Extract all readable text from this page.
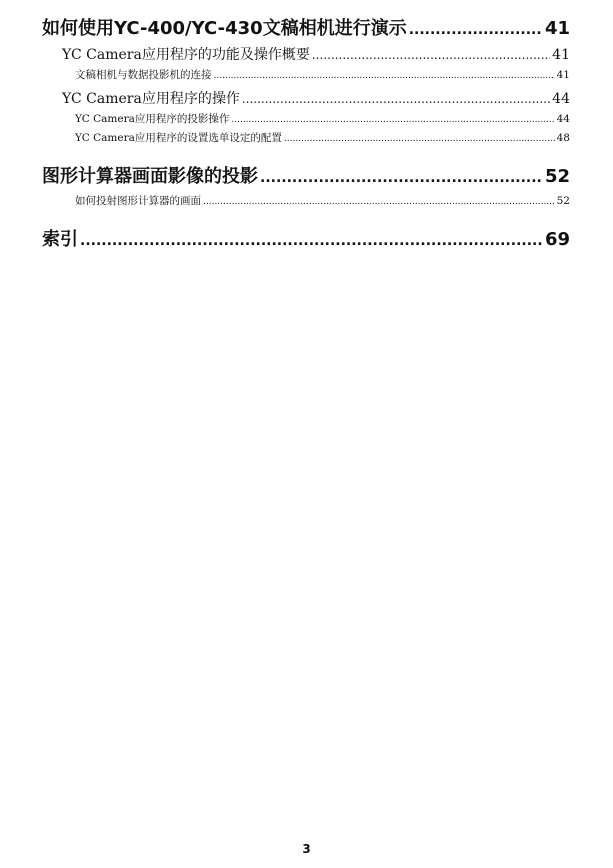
如何使用YC-400/YC-430文稿相机进行演示 .....	41
YC Camera应用程序的功能及操作概要 .....	41
文稿相机与数据投影机的连接 .....	41
YC Camera应用程序的操作 .....	44
YC Camera应用程序的投影操作 .....	44
YC Camera应用程序的设置选单设定的配置 .....	48
图形计算器画面影像的投影 .....	52
如何投射图形计算器的画面 .....	52
索引 .....	69
3
